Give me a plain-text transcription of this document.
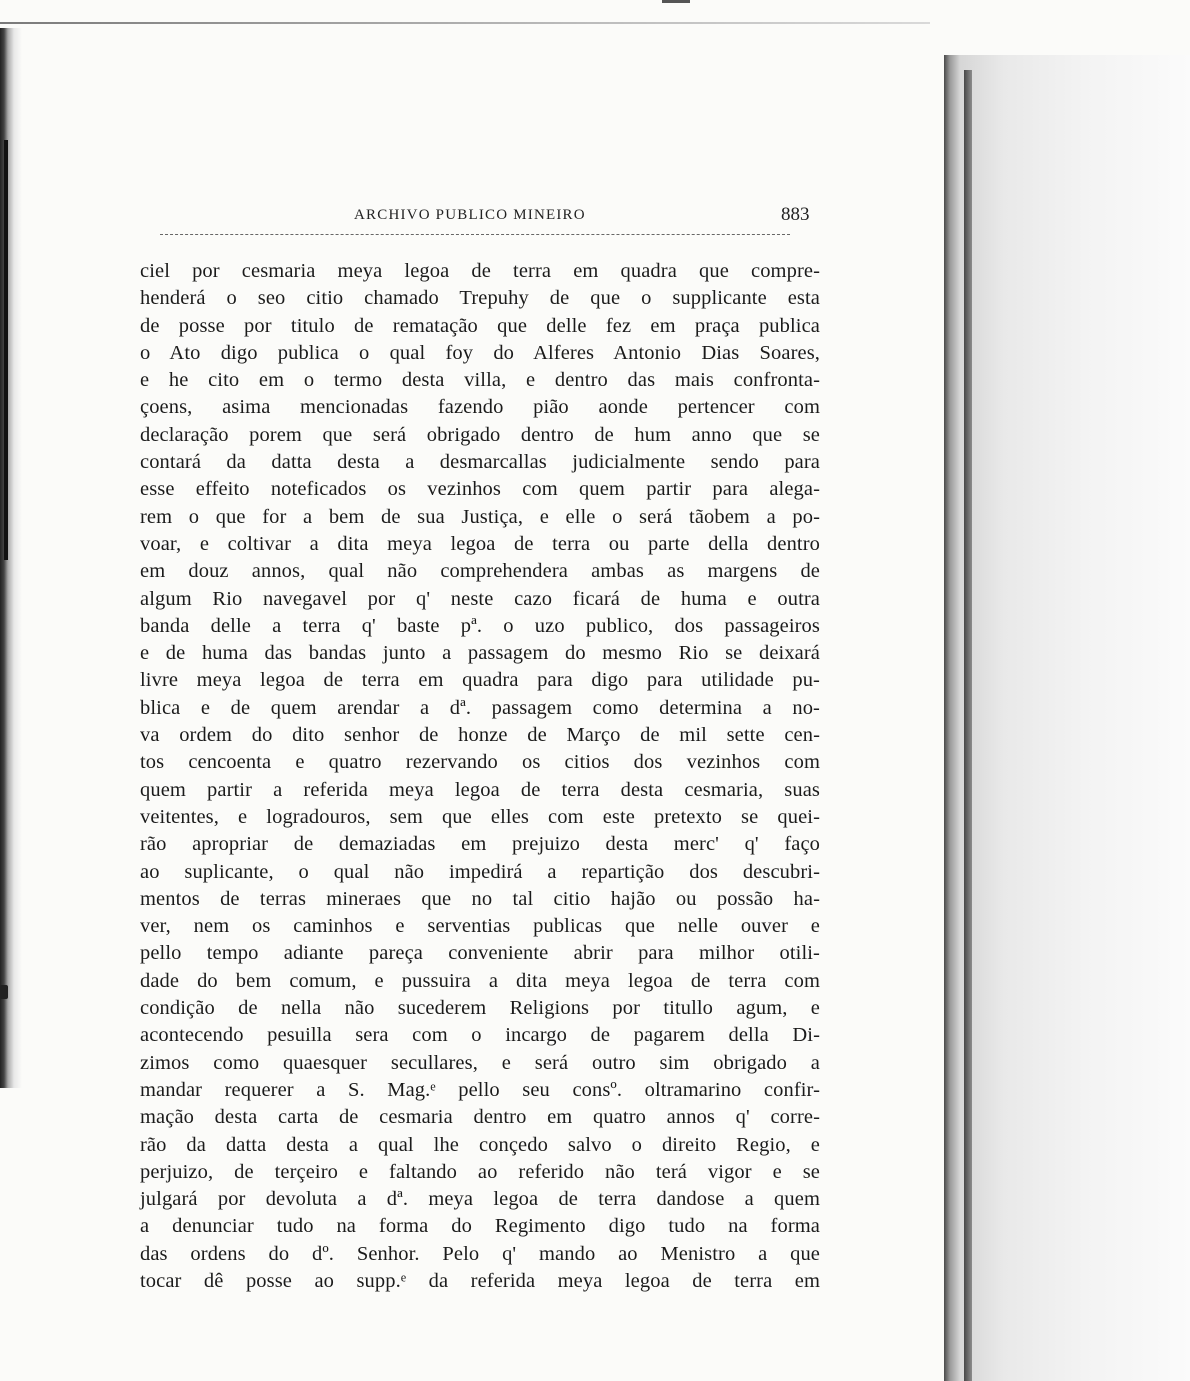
ARCHIVO PUBLICO MINEIRO	883
ciel por cesmaria meya legoa de terra em quadra que compre-
henderá o seo citio chamado Trepuhy de que o supplicante esta
de posse por titulo de rematação que delle fez em praça publica
o Ato digo publica o qual foy do Alferes Antonio Dias Soares,
e he cito em o termo desta villa, e dentro das mais confronta-
çoens, asima mencionadas fazendo pião aonde pertencer com
declaração porem que será obrigado dentro de hum anno que se
contará da datta desta a desmarcallas judicialmente sendo para
esse effeito noteficados os vezinhos com quem partir para alega-
rem o que for a bem de sua Justiça, e elle o será tãobem a po-
voar, e coltivar a dita meya legoa de terra ou parte della dentro
em douz annos, qual não comprehendera ambas as margens de
algum Rio navegavel por q' neste cazo ficará de huma e outra
banda delle a terra q' baste pª. o uzo publico, dos passageiros
e de huma das bandas junto a passagem do mesmo Rio se deixará
livre meya legoa de terra em quadra para digo para utilidade pu-
blica e de quem arendar a dª. passagem como determina a no-
va ordem do dito senhor de honze de Março de mil sette cen-
tos cencoenta e quatro rezervando os citios dos vezinhos com
quem partir a referida meya legoa de terra desta cesmaria, suas
veitentes, e logradouros, sem que elles com este pretexto se quei-
rão apropriar de demaziadas em prejuizo desta merc' q' faço
ao suplicante, o qual não impedirá a repartição dos descubri-
mentos de terras mineraes que no tal citio hajão ou possão ha-
ver, nem os caminhos e serventias publicas que nelle ouver e
pello tempo adiante pareça conveniente abrir para milhor otili-
dade do bem comum, e pussuira a dita meya legoa de terra com
condição de nella não sucederem Religions por titullo agum, e
acontecendo pesuilla sera com o incargo de pagarem della Di-
zimos como quaesquer secullares, e será outro sim obrigado a
mandar requerer a S. Mag.ᵉ pello seu consº. oltramarino confir-
mação desta carta de cesmaria dentro em quatro annos q' corre-
rão da datta desta a qual lhe conçedo salvo o direito Regio, e
perjuizo, de terçeiro e faltando ao referido não terá vigor e se
julgará por devoluta a dª. meya legoa de terra dandose a quem
a denunciar tudo na forma do Regimento digo tudo na forma
das ordens do dº. Senhor. Pelo q' mando ao Menistro a que
tocar dê posse ao supp.ᵉ da referida meya legoa de terra em
